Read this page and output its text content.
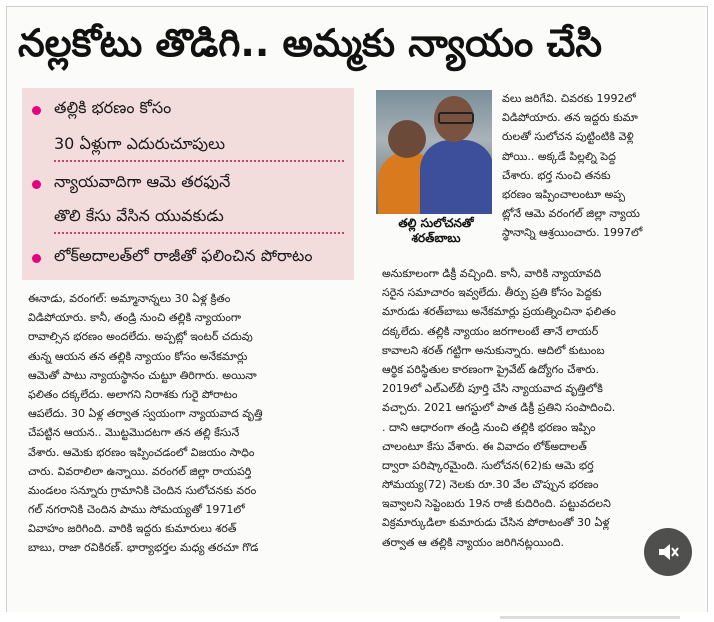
నల్లకోటు తొడిగి.. అమ్మకు న్యాయం చేసి
తల్లికి భరణం కోసం
30 ఏళ్లుగా ఎదురుచూపులు
న్యాయవాదిగా ఆమె తరఫునే
తొలి కేసు వేసిన యువకుడు
లోక్‌అదాలత్‌లో రాజీతో ఫలించిన పోరాటం
తల్లి సులోచనతో
శరత్‌బాబు
ఈనాడు, వరంగల్: అమ్మానాన్నలు 30 ఏళ్ల క్రితం
విడిపోయారు. కానీ, తండ్రి నుంచి తల్లికి న్యాయంగా
రావాల్సిన భరణం అందలేదు. అప్పట్లో ఇంటర్ చదువు
తున్న ఆయన తన తల్లికి న్యాయం కోసం అనేకమార్లు
ఆమెతో పాటు న్యాయస్థానం చుట్టూ తిరిగారు. అయినా
ఫలితం దక్కలేదు. అలాగని నిరాశకు గురై పోరాటం
ఆపలేదు. 30 ఏళ్ల తర్వాత స్వయంగా న్యాయవాద వృత్తి
చేపట్టిన ఆయన.. మొట్టమొదటగా తన తల్లి కేసునే
వేశారు. ఆమెకు భరణం ఇప్పించడంలో విజయం సాధిం
చారు. వివరాలిలా ఉన్నాయి. వరంగల్ జిల్లా రాయపర్తి
మండలం సన్నూరు గ్రామానికి చెందిన సులోచనకు వరం
గల్ నగరానికి చెందిన పాము సోమయ్యతో 1971లో
వివాహం జరిగింది. వారికి ఇద్దరు కుమారులు శరత్
బాబు, రాజా రవికిరణ్. భార్యాభర్తల మధ్య తరచూ గొడ
వలు జరిగేవి. చివరకు 1992లో
విడిపోయారు. తన ఇద్దరు కుమా
రులతో సులోచన పుట్టింటికి వెళ్లి
పోయి.. అక్కడే పిల్లల్ని పెద్ద
చేశారు. భర్త నుంచి తనకు
భరణం ఇప్పించాలంటూ అప్ప
ట్లోనే ఆమె వరంగల్ జిల్లా న్యాయ
స్థానాన్ని ఆశ్రయించారు. 1997లో
అనుకూలంగా డిక్రీ వచ్చింది. కానీ, వారికి న్యాయావది
సరైన సమాచారం ఇవ్వలేదు. తీర్పు ప్రతి కోసం పెద్దకు
మారుడు శరత్‌బాబు అనేకమార్లు ప్రయత్నించినా ఫలితం
దక్కలేదు. తల్లికి న్యాయం జరగాలంటే తానే లాయర్
కావాలని శరత్ గట్టిగా అనుకున్నారు. ఆదిలో కుటుంబ
ఆర్థిక పరిస్థితుల కారణంగా ప్రైవేట్ ఉద్యోగం చేశారు.
2019లో ఎల్‌ఎల్‌బీ పూర్తి చేసి న్యాయవాద వృత్తిలోకి
వచ్చారు. 2021 ఆగస్టులో పాత డిక్రీ ప్రతిని సంపాదించి.
. దాని ఆధారంగా తండ్రి నుంచి తల్లికి భరణం ఇప్పిం
చాలంటూ కేసు వేశారు. ఈ వివాదం లోక్‌అదాలత్
ద్వారా పరిష్కారమైంది. సులోచన(62)కు ఆమె భర్త
సోమయ్య(72) నెలకు రూ.30 వేల చొప్పున భరణం
ఇవ్వాలని సెప్టెంబరు 19న రాజీ కుదిరింది. పట్టువదలని
విక్రమార్కుడిలా కుమారుడు చేసిన పోరాటంతో 30 ఏళ్ల
తర్వాత ఆ తల్లికి న్యాయం జరిగినట్లయింది.
